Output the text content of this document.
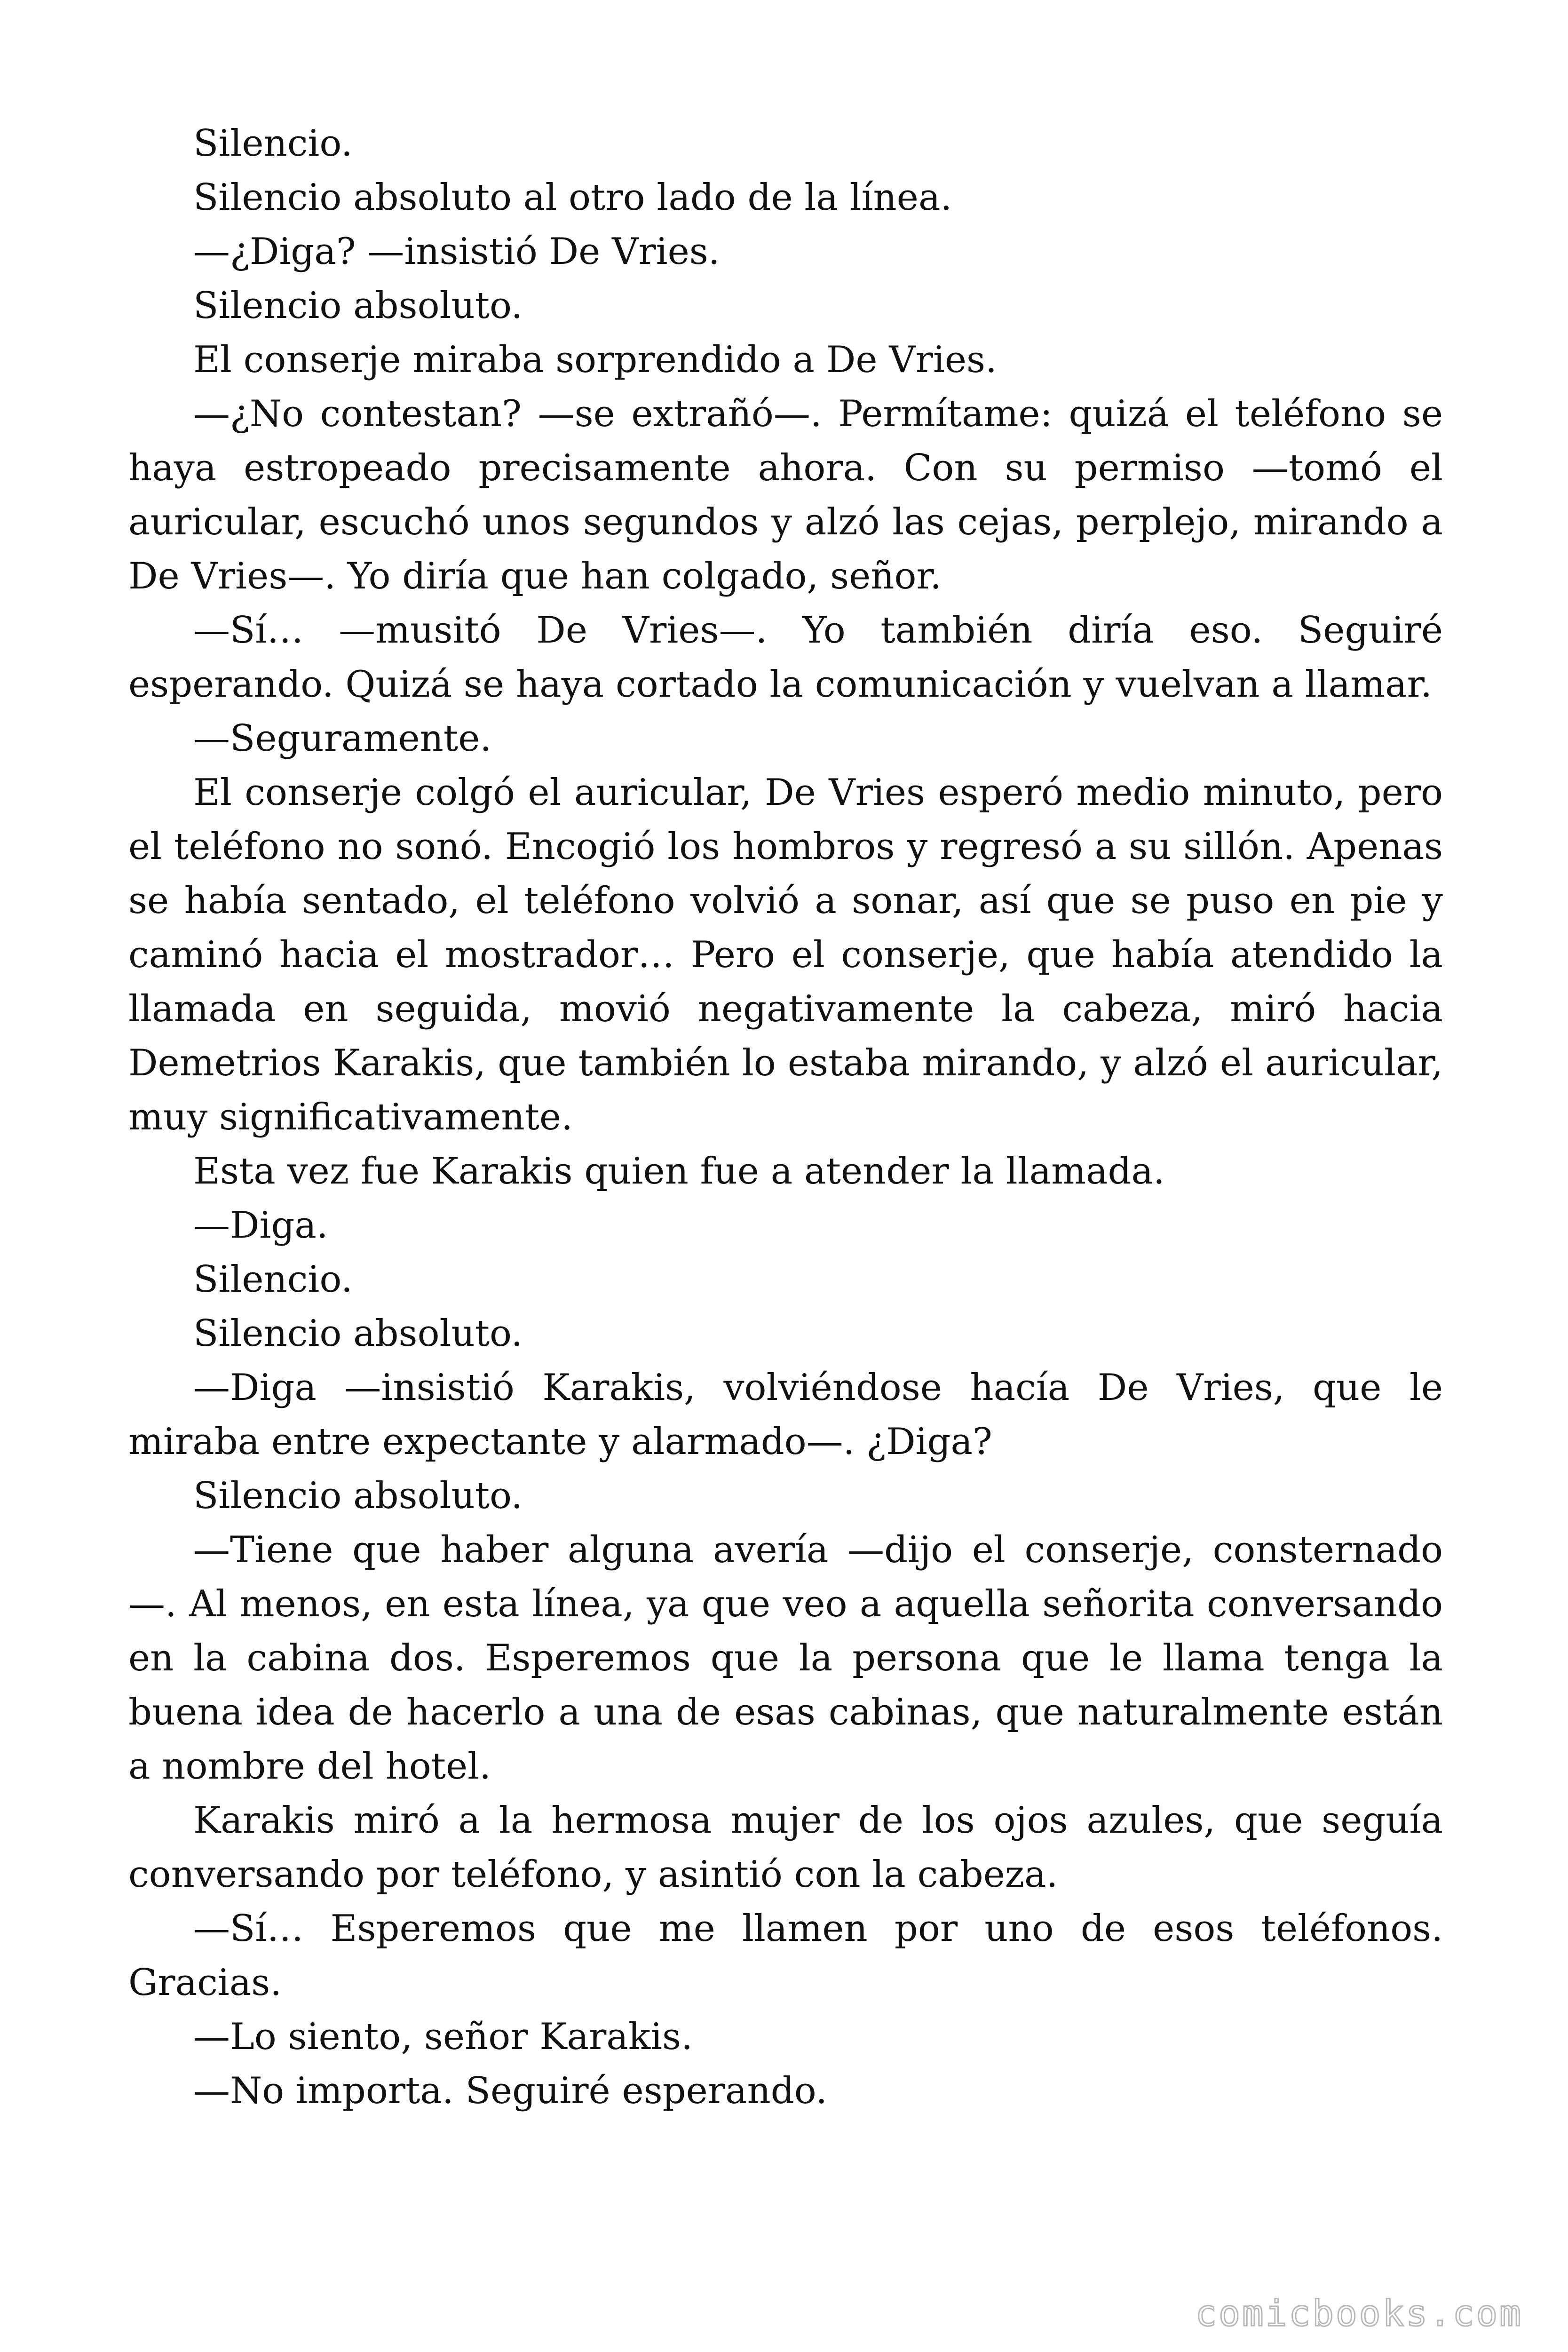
Silencio.

Silencio absoluto al otro lado de la línea.

—¿Diga? —insistió De Vries.

Silencio absoluto.

El conserje miraba sorprendido a De Vries.

—¿No contestan? —se extrañó—. Permítame: quizá el teléfono se haya estropeado precisamente ahora. Con su permiso —tomó el auricular, escuchó unos segundos y alzó las cejas, perplejo, mirando a De Vries—. Yo diría que han colgado, señor.

—Sí… —musitó De Vries—. Yo también diría eso. Seguiré esperando. Quizá se haya cortado la comunicación y vuelvan a llamar.

—Seguramente.

El conserje colgó el auricular, De Vries esperó medio minuto, pero el teléfono no sonó. Encogió los hombros y regresó a su sillón. Apenas se había sentado, el teléfono volvió a sonar, así que se puso en pie y caminó hacia el mostrador… Pero el conserje, que había atendido la llamada en seguida, movió negativamente la cabeza, miró hacia Demetrios Karakis, que también lo estaba mirando, y alzó el auricular, muy significativamente.

Esta vez fue Karakis quien fue a atender la llamada.

—Diga.

Silencio.

Silencio absoluto.

—Diga —insistió Karakis, volviéndose hacía De Vries, que le miraba entre expectante y alarmado—. ¿Diga?

Silencio absoluto.

—Tiene que haber alguna avería —dijo el conserje, consternado —. Al menos, en esta línea, ya que veo a aquella señorita conversando en la cabina dos. Esperemos que la persona que le llama tenga la buena idea de hacerlo a una de esas cabinas, que naturalmente están a nombre del hotel.

Karakis miró a la hermosa mujer de los ojos azules, que seguía conversando por teléfono, y asintió con la cabeza.

—Sí… Esperemos que me llamen por uno de esos teléfonos. Gracias.

—Lo siento, señor Karakis.

—No importa. Seguiré esperando.

comicbooks.com
